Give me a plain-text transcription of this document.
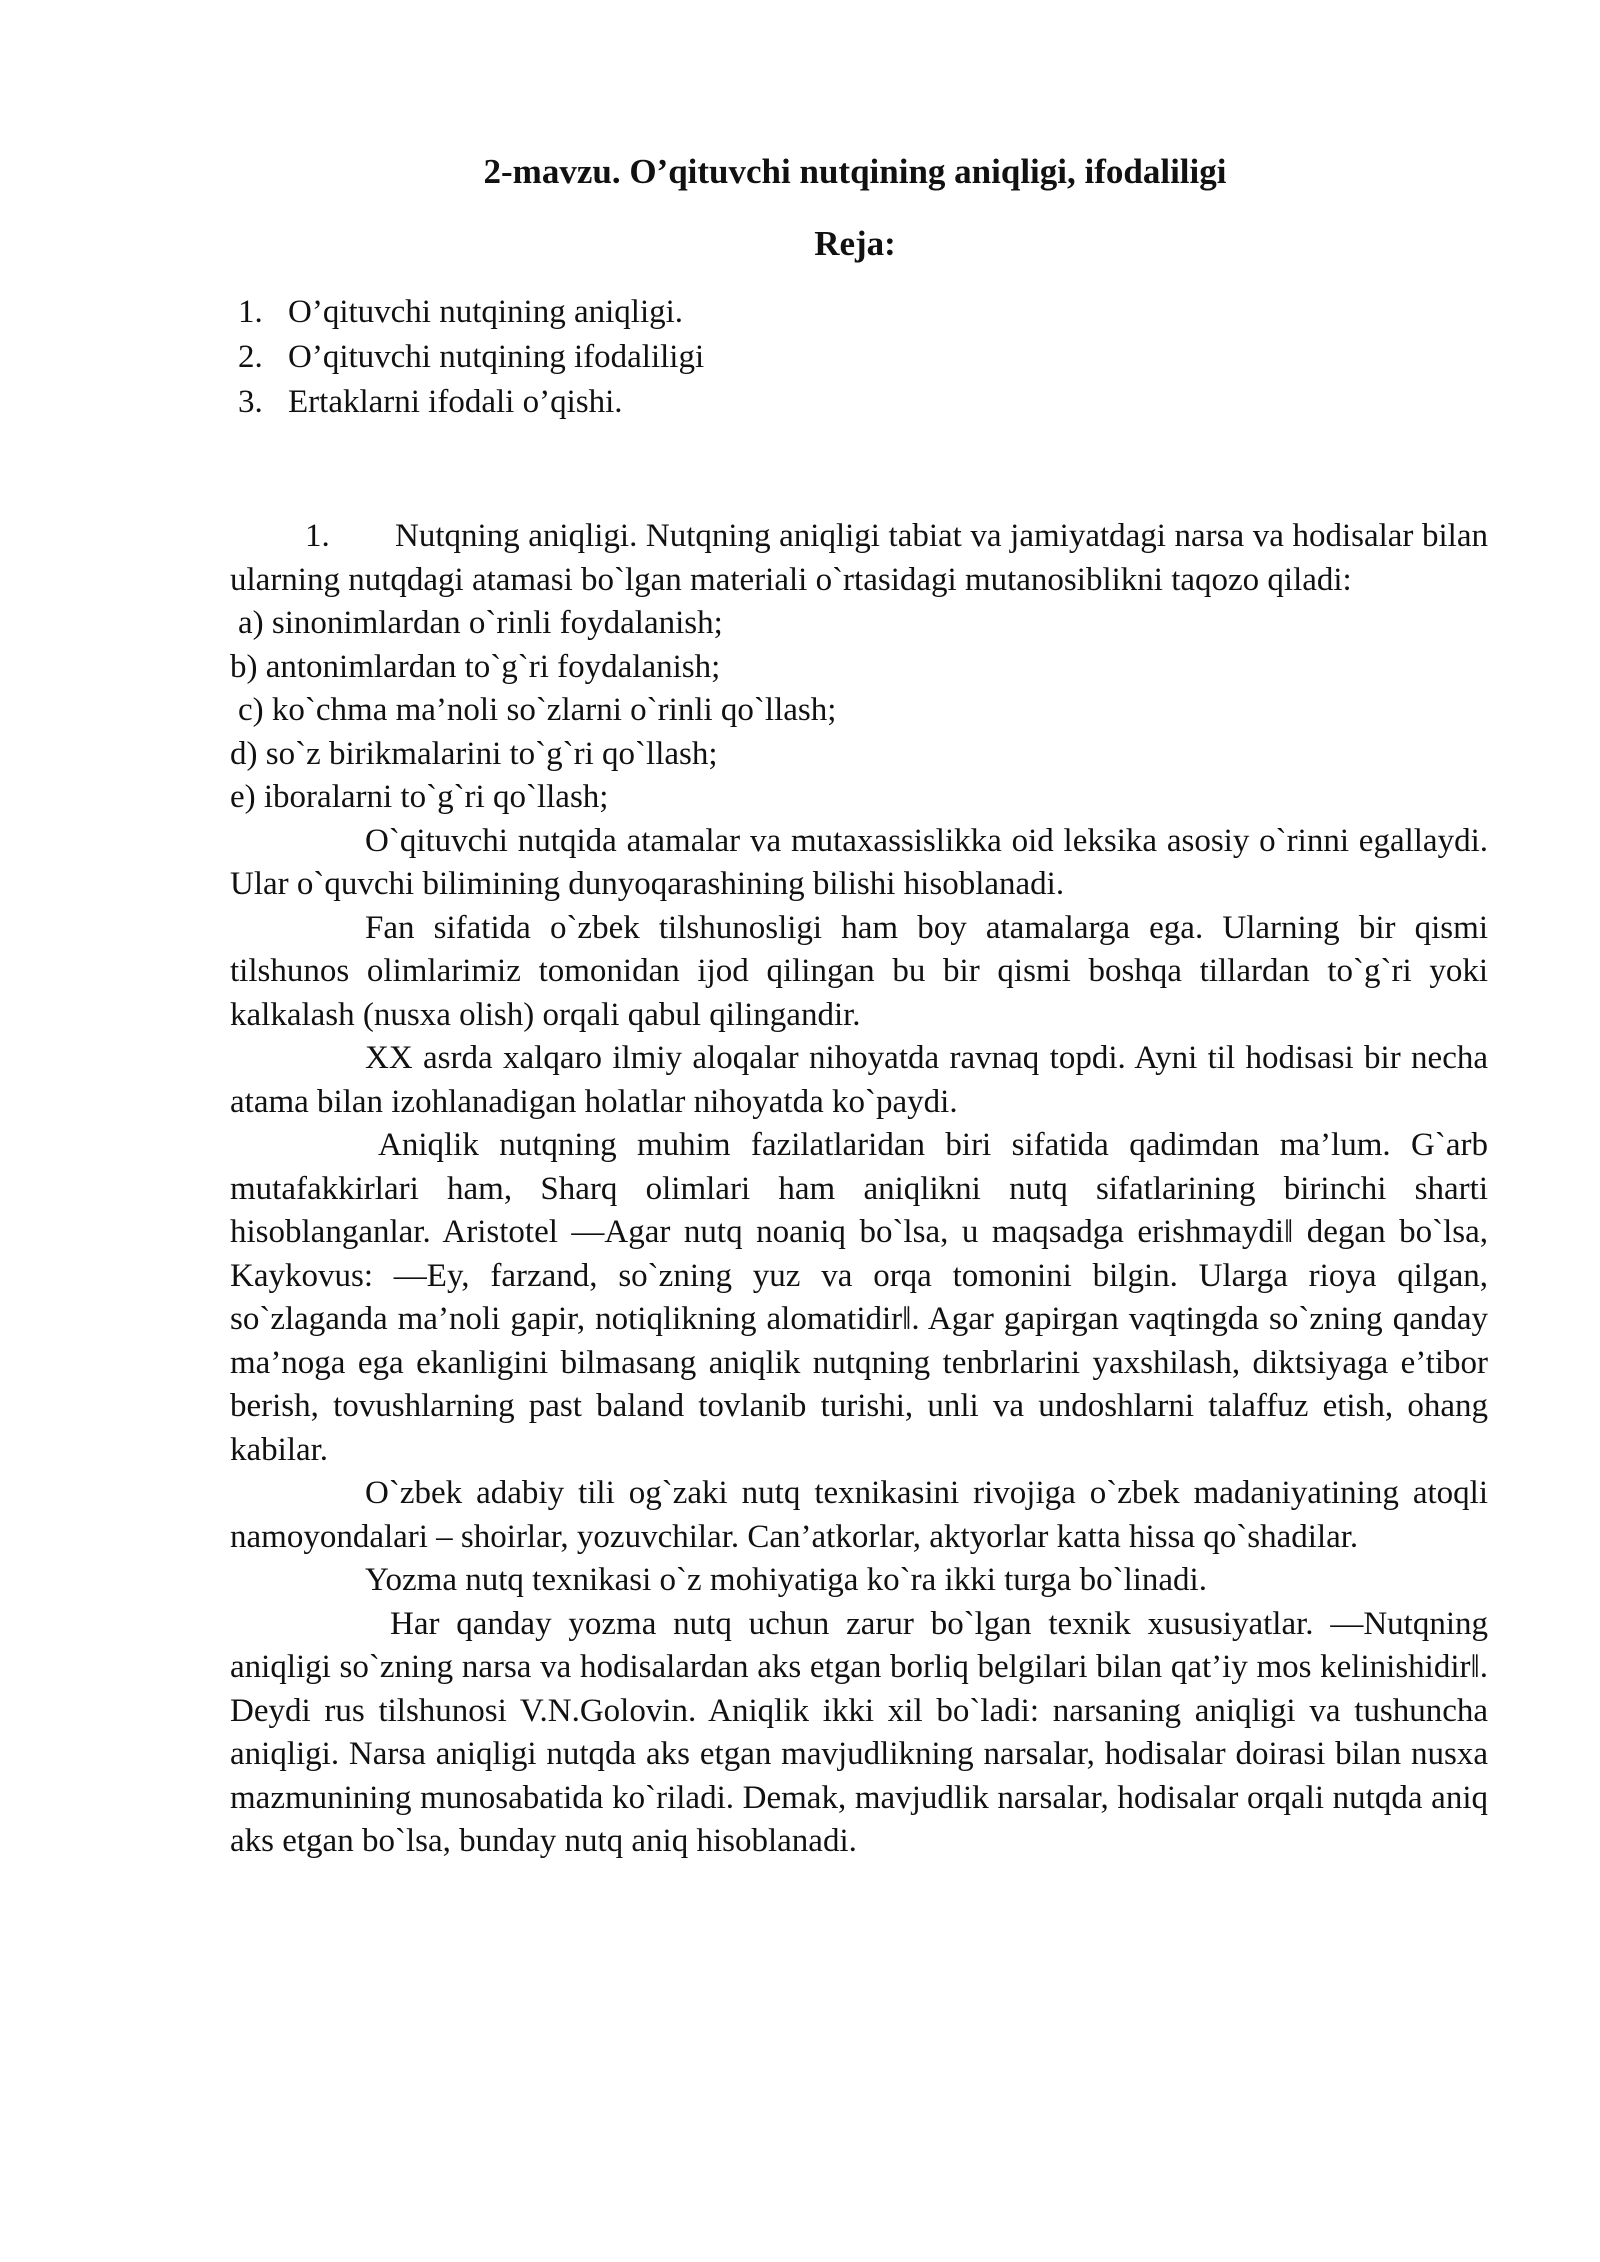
2-mavzu. O’qituvchi nutqining aniqligi, ifodaliligi
Reja:
1. O’qituvchi nutqining aniqligi.
2. O’qituvchi nutqining ifodaliligi
3. Ertaklarni ifodali o’qishi.

1. Nutqning aniqligi. Nutqning aniqligi tabiat va jamiyatdagi narsa va hodisalar bilan ularning nutqdagi atamasi bo`lgan materiali o`rtasidagi mutanosiblikni taqozo qiladi:

a) sinonimlardan o`rinli foydalanish;

b) antonimlardan to`g`ri foydalanish;

c) ko`chma ma’noli so`zlarni o`rinli qo`llash;

d) so`z birikmalarini to`g`ri qo`llash;

e) iboralarni to`g`ri qo`llash;

O`qituvchi nutqida atamalar va mutaxassislikka oid leksika asosiy o`rinni egallaydi. Ular o`quvchi bilimining dunyoqarashining bilishi hisoblanadi.

Fan sifatida o`zbek tilshunosligi ham boy atamalarga ega. Ularning bir qismi tilshunos olimlarimiz tomonidan ijod qilingan bu bir qismi boshqa tillardan to`g`ri yoki kalkalash (nusxa olish) orqali qabul qilingandir.

XX asrda xalqaro ilmiy aloqalar nihoyatda ravnaq topdi. Ayni til hodisasi bir necha atama bilan izohlanadigan holatlar nihoyatda ko`paydi.

Aniqlik nutqning muhim fazilatlaridan biri sifatida qadimdan ma’lum. G`arb mutafakkirlari ham, Sharq olimlari ham aniqlikni nutq sifatlarining birinchi sharti hisoblanganlar. Aristotel ―Agar nutq noaniq bo`lsa, u maqsadga erishmaydi‖ degan bo`lsa, Kaykovus: ―Ey, farzand, so`zning yuz va orqa tomonini bilgin. Ularga rioya qilgan, so`zlaganda ma’noli gapir, notiqlikning alomatidir‖. Agar gapirgan vaqtingda so`zning qanday ma’noga ega ekanligini bilmasang aniqlik nutqning tenbrlarini yaxshilash, diktsiyaga e’tibor berish, tovushlarning past baland tovlanib turishi, unli va undoshlarni talaffuz etish, ohang kabilar.

O`zbek adabiy tili og`zaki nutq texnikasini rivojiga o`zbek madaniyatining atoqli namoyondalari – shoirlar, yozuvchilar. Can’atkorlar, aktyorlar katta hissa qo`shadilar.

Yozma nutq texnikasi o`z mohiyatiga ko`ra ikki turga bo`linadi.

Har qanday yozma nutq uchun zarur bo`lgan texnik xususiyatlar. ―Nutqning aniqligi so`zning narsa va hodisalardan aks etgan borliq belgilari bilan qat’iy mos kelinishidir‖. Deydi rus tilshunosi V.N.Golovin. Aniqlik ikki xil bo`ladi: narsaning aniqligi va tushuncha aniqligi. Narsa aniqligi nutqda aks etgan mavjudlikning narsalar, hodisalar doirasi bilan nusxa mazmunining munosabatida ko`riladi. Demak, mavjudlik narsalar, hodisalar orqali nutqda aniq aks etgan bo`lsa, bunday nutq aniq hisoblanadi.
